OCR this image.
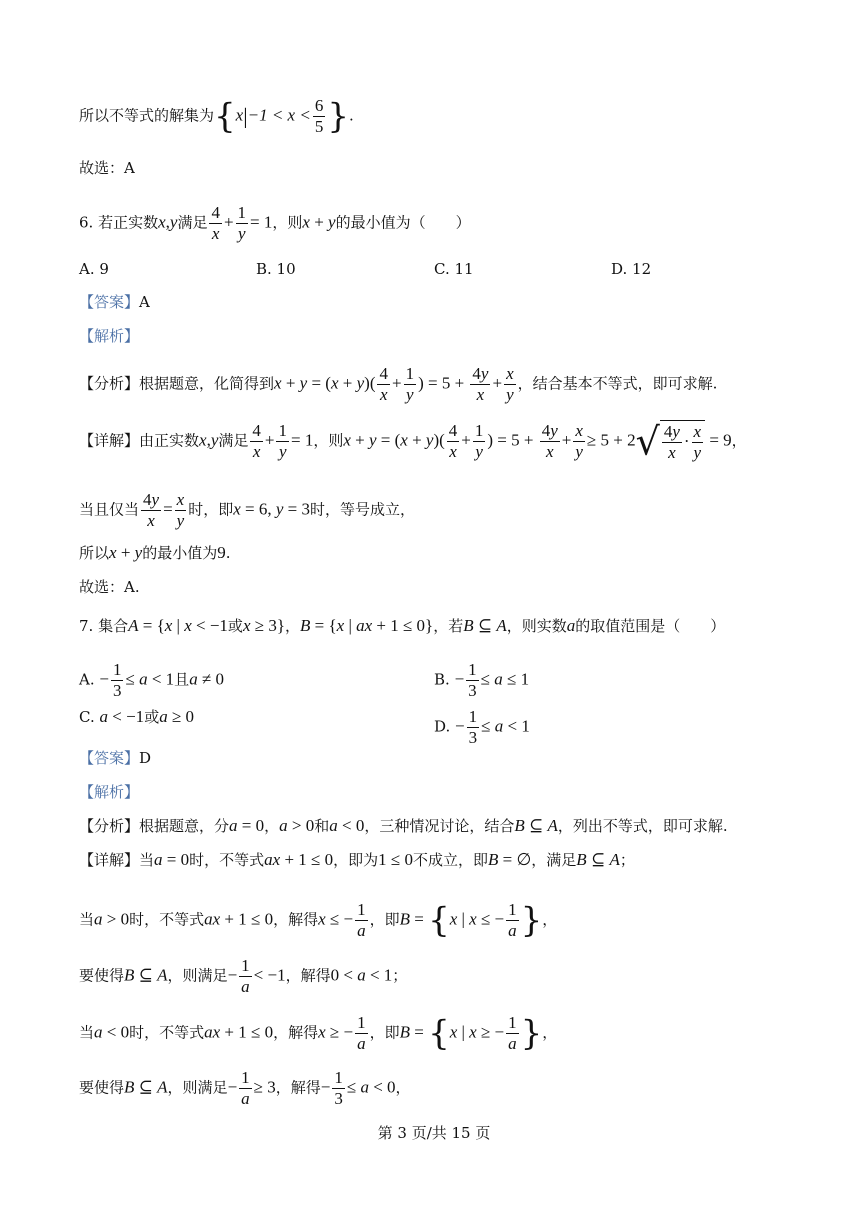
所以不等式的解集为{$x|-1 < x < \frac{6}{5}$ }.
故选：A
6. 若正实数x,y满足 $\frac{4}{x} + \frac{1}{y} = 1$，则x + y的最小值为（　　）
A. 9	B. 10	C. 11	D. 12
【答案】A
【解析】
【分析】根据题意，化简得到$x + y = (x + y)( \frac{4}{x} + \frac{1}{y}$ ) = $5 + \frac{4y}{x} + \frac{x}{y}$ ，结合基本不等式，即可求解.
【详解】由正实数x,y满足 $\frac{4}{x} + \frac{1}{y} = 1$，则$x + y = (x + y)( \frac{4}{x} + \frac{1}{y}$ ) = $5 + \frac{4y}{x} + \frac{x}{y} \ge 5 + 2√ \frac{4y}{x} \cdot \frac{x}{y} = 9$，
当且仅当 $\frac{4y}{x} = \frac{x}{y}$ 时，即x = 6, y = 3时，等号成立，
所以x + y的最小值为9.
故选：A.
7. 集合A = {x | x < −1或x ≥ 3}，B = {x | ax + 1 ≤ 0}，若B ⊆ A，则实数a的取值范围是（　　）
A. − $\frac{1}{3} \le a < 1$且a ≠ 0	B. − $\frac{1}{3} \le a \le 1$
C. a < −1或a ≥ 0
D. − $\frac{1}{3} \le a < 1$
【答案】D
【解析】
【分析】根据题意，分a = 0，a > 0和a < 0，三种情况讨论，结合B ⊆ A，列出不等式，即可求解.
【详解】当a = 0时，不等式ax + 1 ≤ 0，即为1 ≤ 0不成立，即B = ∅，满足B ⊆ A；
当a > 0时，不等式ax + 1 ≤ 0，解得x ≤ − $\frac{1}{a}$ ，即B = {x | x ≤ − $\frac{1}{a}$ }，
要使得B ⊆ A，则满足− $\frac{1}{a} < -1$，解得0 < a < 1；
当a < 0时，不等式ax + 1 ≤ 0，解得x ≥ − $\frac{1}{a}$ ，即B = {x | x ≥ − $\frac{1}{a}$ }，
要使得B ⊆ A，则满足− $\frac{1}{a} \ge 3$，解得− $\frac{1}{3} \le a < 0$，
第 3 页/共 15 页
